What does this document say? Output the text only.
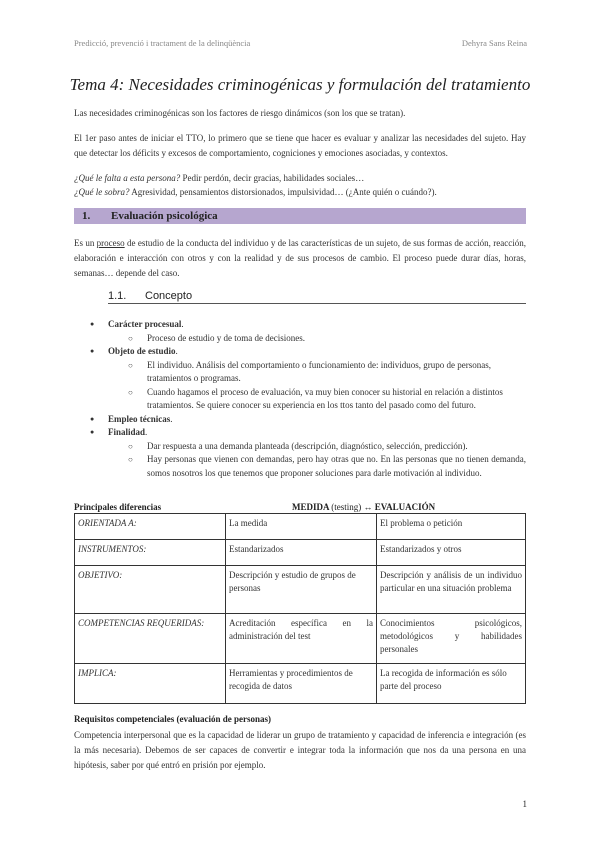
Predicció, prevenció i tractament de la delinqüència	Dehyra Sans Reina
Tema 4: Necesidades criminogénicas y formulación del tratamiento
Las necesidades criminogénicas son los factores de riesgo dinámicos (son los que se tratan).
El 1er paso antes de iniciar el TTO, lo primero que se tiene que hacer es evaluar y analizar las necesidades del sujeto. Hay que detectar los déficits y excesos de comportamiento, cogniciones y emociones asociadas, y contextos.
¿Qué le falta a esta persona? Pedir perdón, decir gracias, habilidades sociales…
¿Qué le sobra? Agresividad, pensamientos distorsionados, impulsividad… (¿Ante quién o cuándo?).
1. Evaluación psicológica
Es un proceso de estudio de la conducta del individuo y de las características de un sujeto, de sus formas de acción, reacción, elaboración e interacción con otros y con la realidad y de sus procesos de cambio. El proceso puede durar días, horas, semanas… depende del caso.
1.1. Concepto
● Carácter procesual.
○ Proceso de estudio y de toma de decisiones.
● Objeto de estudio.
○ El individuo. Análisis del comportamiento o funcionamiento de: individuos, grupo de personas, tratamientos o programas.
○ Cuando hagamos el proceso de evaluación, va muy bien conocer su historial en relación a distintos tratamientos. Se quiere conocer su experiencia en los ttos tanto del pasado como del futuro.
● Empleo técnicas.
● Finalidad.
○ Dar respuesta a una demanda planteada (descripción, diagnóstico, selección, predicción).
○ Hay personas que vienen con demandas, pero hay otras que no. En las personas que no tienen demanda, somos nosotros los que tenemos que proponer soluciones para darle motivación al individuo.
Principales diferencias	MEDIDA (testing) ↔ EVALUACIÓN
ORIENTADA A:	La medida	El problema o petición
INSTRUMENTOS:	Estandarizados	Estandarizados y otros
OBJETIVO:	Descripción y estudio de grupos de personas	Descripción y análisis de un individuo particular en una situación problema
COMPETENCIAS REQUERIDAS:	Acreditación específica en la administración del test	Conocimientos psicológicos, metodológicos y habilidades personales
IMPLICA:	Herramientas y procedimientos de recogida de datos	La recogida de información es sólo parte del proceso
Requisitos competenciales (evaluación de personas)
Competencia interpersonal que es la capacidad de liderar un grupo de tratamiento y capacidad de inferencia e integración (es la más necesaria). Debemos de ser capaces de convertir e integrar toda la información que nos da una persona en una hipótesis, saber por qué entró en prisión por ejemplo.
1
